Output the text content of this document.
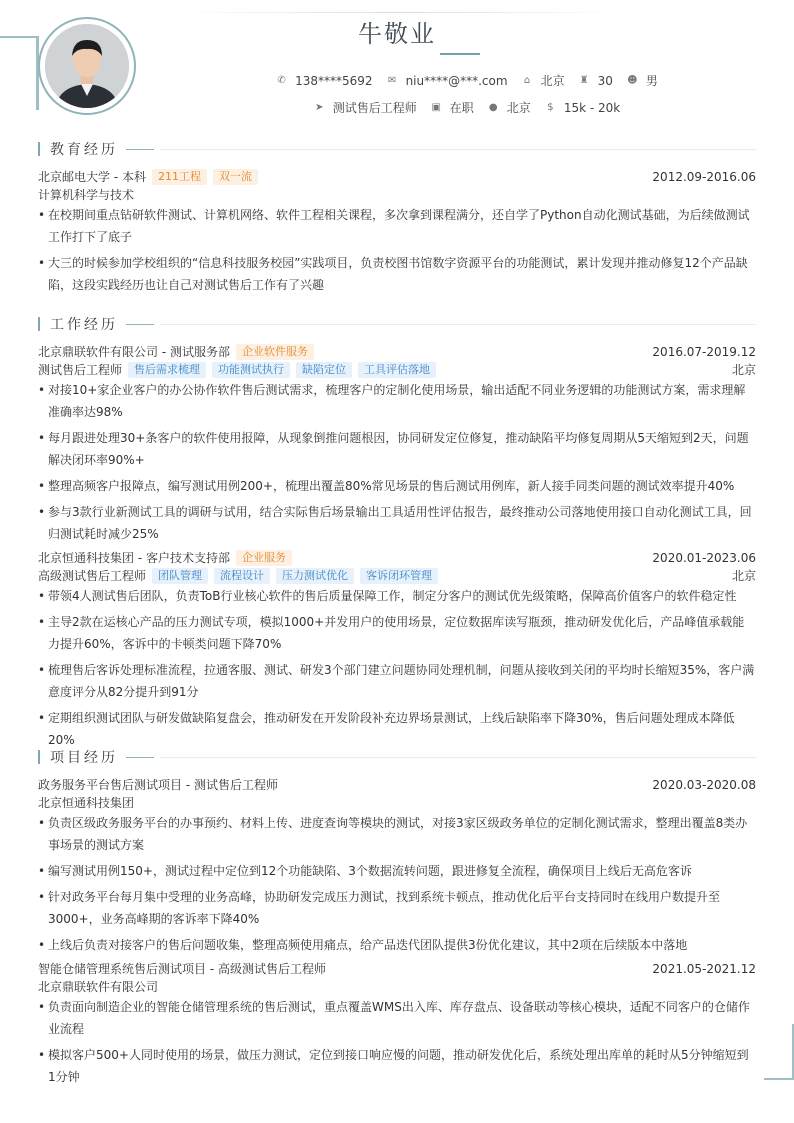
牛敬业
✆ 138****5692 ✉ niu****@***.com ⌂ 北京 ♜ 30 ☻ 男
➤ 测试售后工程师 ▣ 在职 ● 北京 $ 15k - 20k
教育经历
北京邮电大学 - 本科	211工程	双一流	2012.09-2016.06
计算机科学与技术
• 在校期间重点钻研软件测试、计算机网络、软件工程相关课程，多次拿到课程满分，还自学了Python自动化测试基础，为后续做测试工作打下了底子
• 大三的时候参加学校组织的“信息科技服务校园”实践项目，负责校图书馆数字资源平台的功能测试，累计发现并推动修复12个产品缺陷，这段实践经历也让自己对测试售后工作有了兴趣
工作经历
北京鼎联软件有限公司 - 测试服务部	企业软件服务	2016.07-2019.12
测试售后工程师	售后需求梳理	功能测试执行	缺陷定位	工具评估落地	北京
• 对接10+家企业客户的办公协作软件售后测试需求，梳理客户的定制化使用场景，输出适配不同业务逻辑的功能测试方案，需求理解准确率达98%
• 每月跟进处理30+条客户的软件使用报障，从现象倒推问题根因，协同研发定位修复，推动缺陷平均修复周期从5天缩短到2天，问题解决闭环率90%+
• 整理高频客户报障点，编写测试用例200+，梳理出覆盖80%常见场景的售后测试用例库，新人接手同类问题的测试效率提升40%
• 参与3款行业新测试工具的调研与试用，结合实际售后场景输出工具适用性评估报告，最终推动公司落地使用接口自动化测试工具，回归测试耗时减少25%
北京恒通科技集团 - 客户技术支持部	企业服务	2020.01-2023.06
高级测试售后工程师	团队管理	流程设计	压力测试优化	客诉闭环管理	北京
• 带领4人测试售后团队，负责ToB行业核心软件的售后质量保障工作，制定分客户的测试优先级策略，保障高价值客户的软件稳定性
• 主导2款在运核心产品的压力测试专项，模拟1000+并发用户的使用场景，定位数据库读写瓶颈，推动研发优化后，产品峰值承载能力提升60%，客诉中的卡顿类问题下降70%
• 梳理售后客诉处理标准流程，拉通客服、测试、研发3个部门建立问题协同处理机制，问题从接收到关闭的平均时长缩短35%，客户满意度评分从82分提升到91分
• 定期组织测试团队与研发做缺陷复盘会，推动研发在开发阶段补充边界场景测试，上线后缺陷率下降30%，售后问题处理成本降低20%
项目经历
政务服务平台售后测试项目 - 测试售后工程师	2020.03-2020.08
北京恒通科技集团
• 负责区级政务服务平台的办事预约、材料上传、进度查询等模块的测试，对接3家区级政务单位的定制化测试需求，整理出覆盖8类办事场景的测试方案
• 编写测试用例150+，测试过程中定位到12个功能缺陷、3个数据流转问题，跟进修复全流程，确保项目上线后无高危客诉
• 针对政务平台每月集中受理的业务高峰，协助研发完成压力测试，找到系统卡顿点，推动优化后平台支持同时在线用户数提升至3000+，业务高峰期的客诉率下降40%
• 上线后负责对接客户的售后问题收集，整理高频使用痛点，给产品迭代团队提供3份优化建议，其中2项在后续版本中落地
智能仓储管理系统售后测试项目 - 高级测试售后工程师	2021.05-2021.12
北京鼎联软件有限公司
• 负责面向制造企业的智能仓储管理系统的售后测试，重点覆盖WMS出入库、库存盘点、设备联动等核心模块，适配不同客户的仓储作业流程
• 模拟客户500+人同时使用的场景，做压力测试，定位到接口响应慢的问题，推动研发优化后，系统处理出库单的耗时从5分钟缩短到1分钟
